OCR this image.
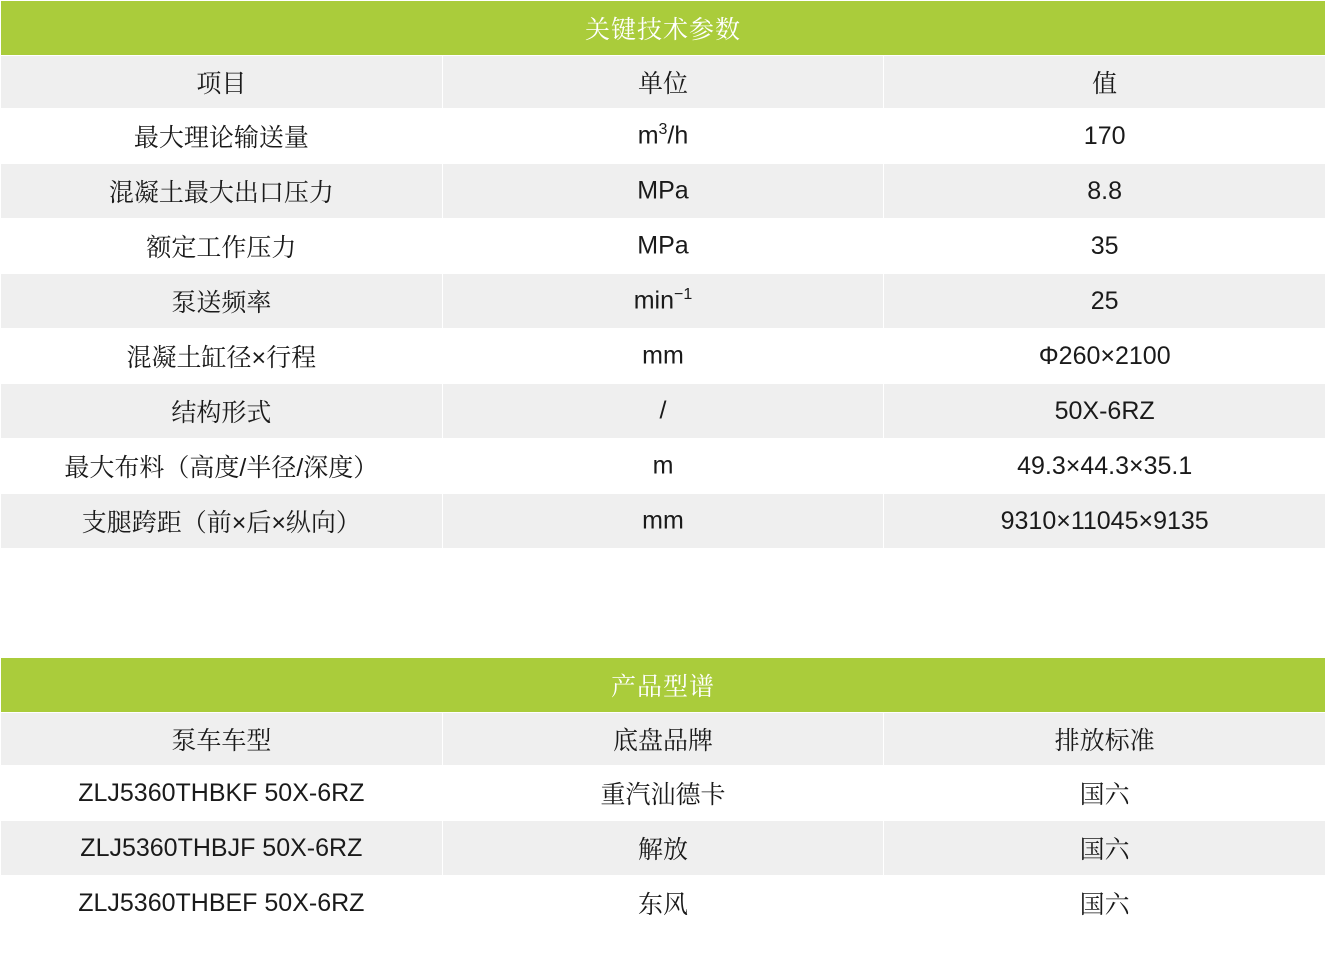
关键技术参数		
项目	单位	值
最大理论输送量	$m^3/h$	170
混凝土最大出口压力	MPa	8.8
额定工作压力	MPa	35
泵送频率	$\min^{-1}$	25
混凝土缸径×行程	mm	Φ260×2100
结构形式	/	50X-6RZ
最大布料（高度/半径/深度）	m	49.3×44.3×35.1
支腿跨距（前×后×纵向）	mm	9310×11045×9135
产品型谱		
泵车车型	底盘品牌	排放标准
ZLJ5360THBKF 50X-6RZ	重汽汕德卡	国六
ZLJ5360THBJF 50X-6RZ	解放	国六
ZLJ5360THBEF 50X-6RZ	东风	国六
